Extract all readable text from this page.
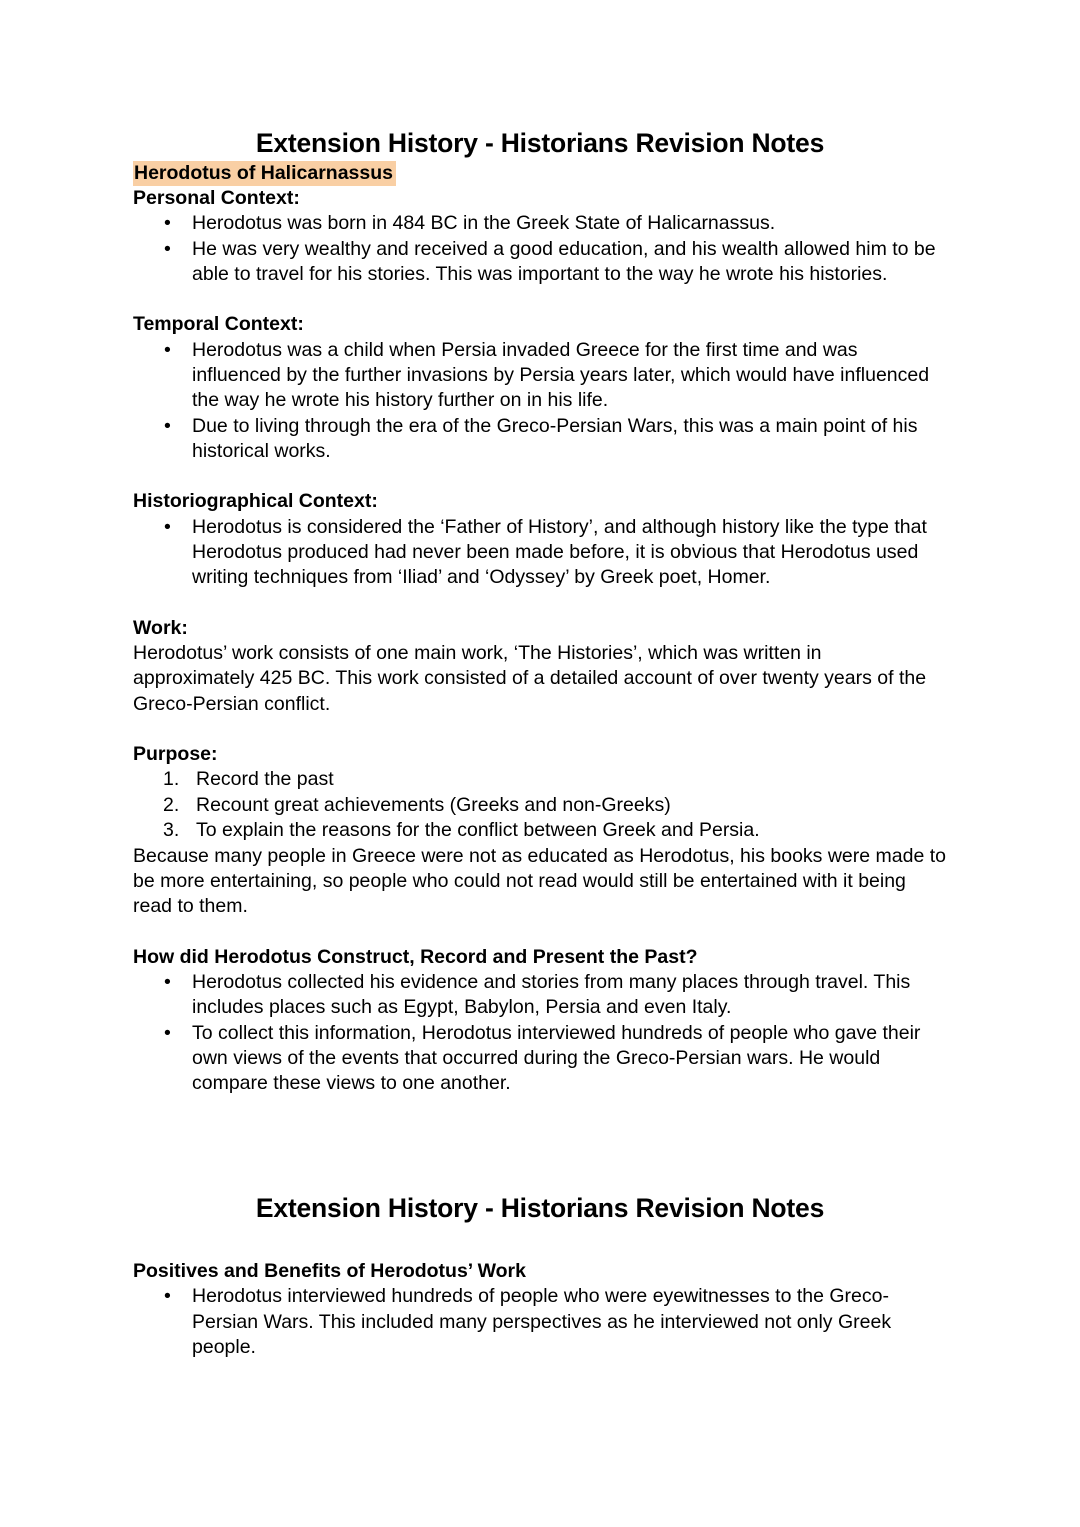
Extension History - Historians Revision Notes

Herodotus of Halicarnassus

Personal Context:

• Herodotus was born in 484 BC in the Greek State of Halicarnassus.
• He was very wealthy and received a good education, and his wealth allowed him to be able to travel for his stories. This was important to the way he wrote his histories.

Temporal Context:

• Herodotus was a child when Persia invaded Greece for the first time and was influenced by the further invasions by Persia years later, which would have influenced the way he wrote his history further on in his life.
• Due to living through the era of the Greco-Persian Wars, this was a main point of his historical works.

Historiographical Context:

• Herodotus is considered the ‘Father of History’, and although history like the type that Herodotus produced had never been made before, it is obvious that Herodotus used writing techniques from ‘Iliad’ and ‘Odyssey’ by Greek poet, Homer.

Work:

Herodotus’ work consists of one main work, ‘The Histories’, which was written in approximately 425 BC. This work consisted of a detailed account of over twenty years of the Greco-Persian conflict.

Purpose:

1. Record the past
2. Recount great achievements (Greeks and non-Greeks)
3. To explain the reasons for the conflict between Greek and Persia.

Because many people in Greece were not as educated as Herodotus, his books were made to be more entertaining, so people who could not read would still be entertained with it being read to them.

How did Herodotus Construct, Record and Present the Past?

• Herodotus collected his evidence and stories from many places through travel. This includes places such as Egypt, Babylon, Persia and even Italy.
• To collect this information, Herodotus interviewed hundreds of people who gave their own views of the events that occurred during the Greco-Persian wars. He would compare these views to one another.
Extension History - Historians Revision Notes

Positives and Benefits of Herodotus’ Work

• Herodotus interviewed hundreds of people who were eyewitnesses to the Greco-Persian Wars. This included many perspectives as he interviewed not only Greek people.
